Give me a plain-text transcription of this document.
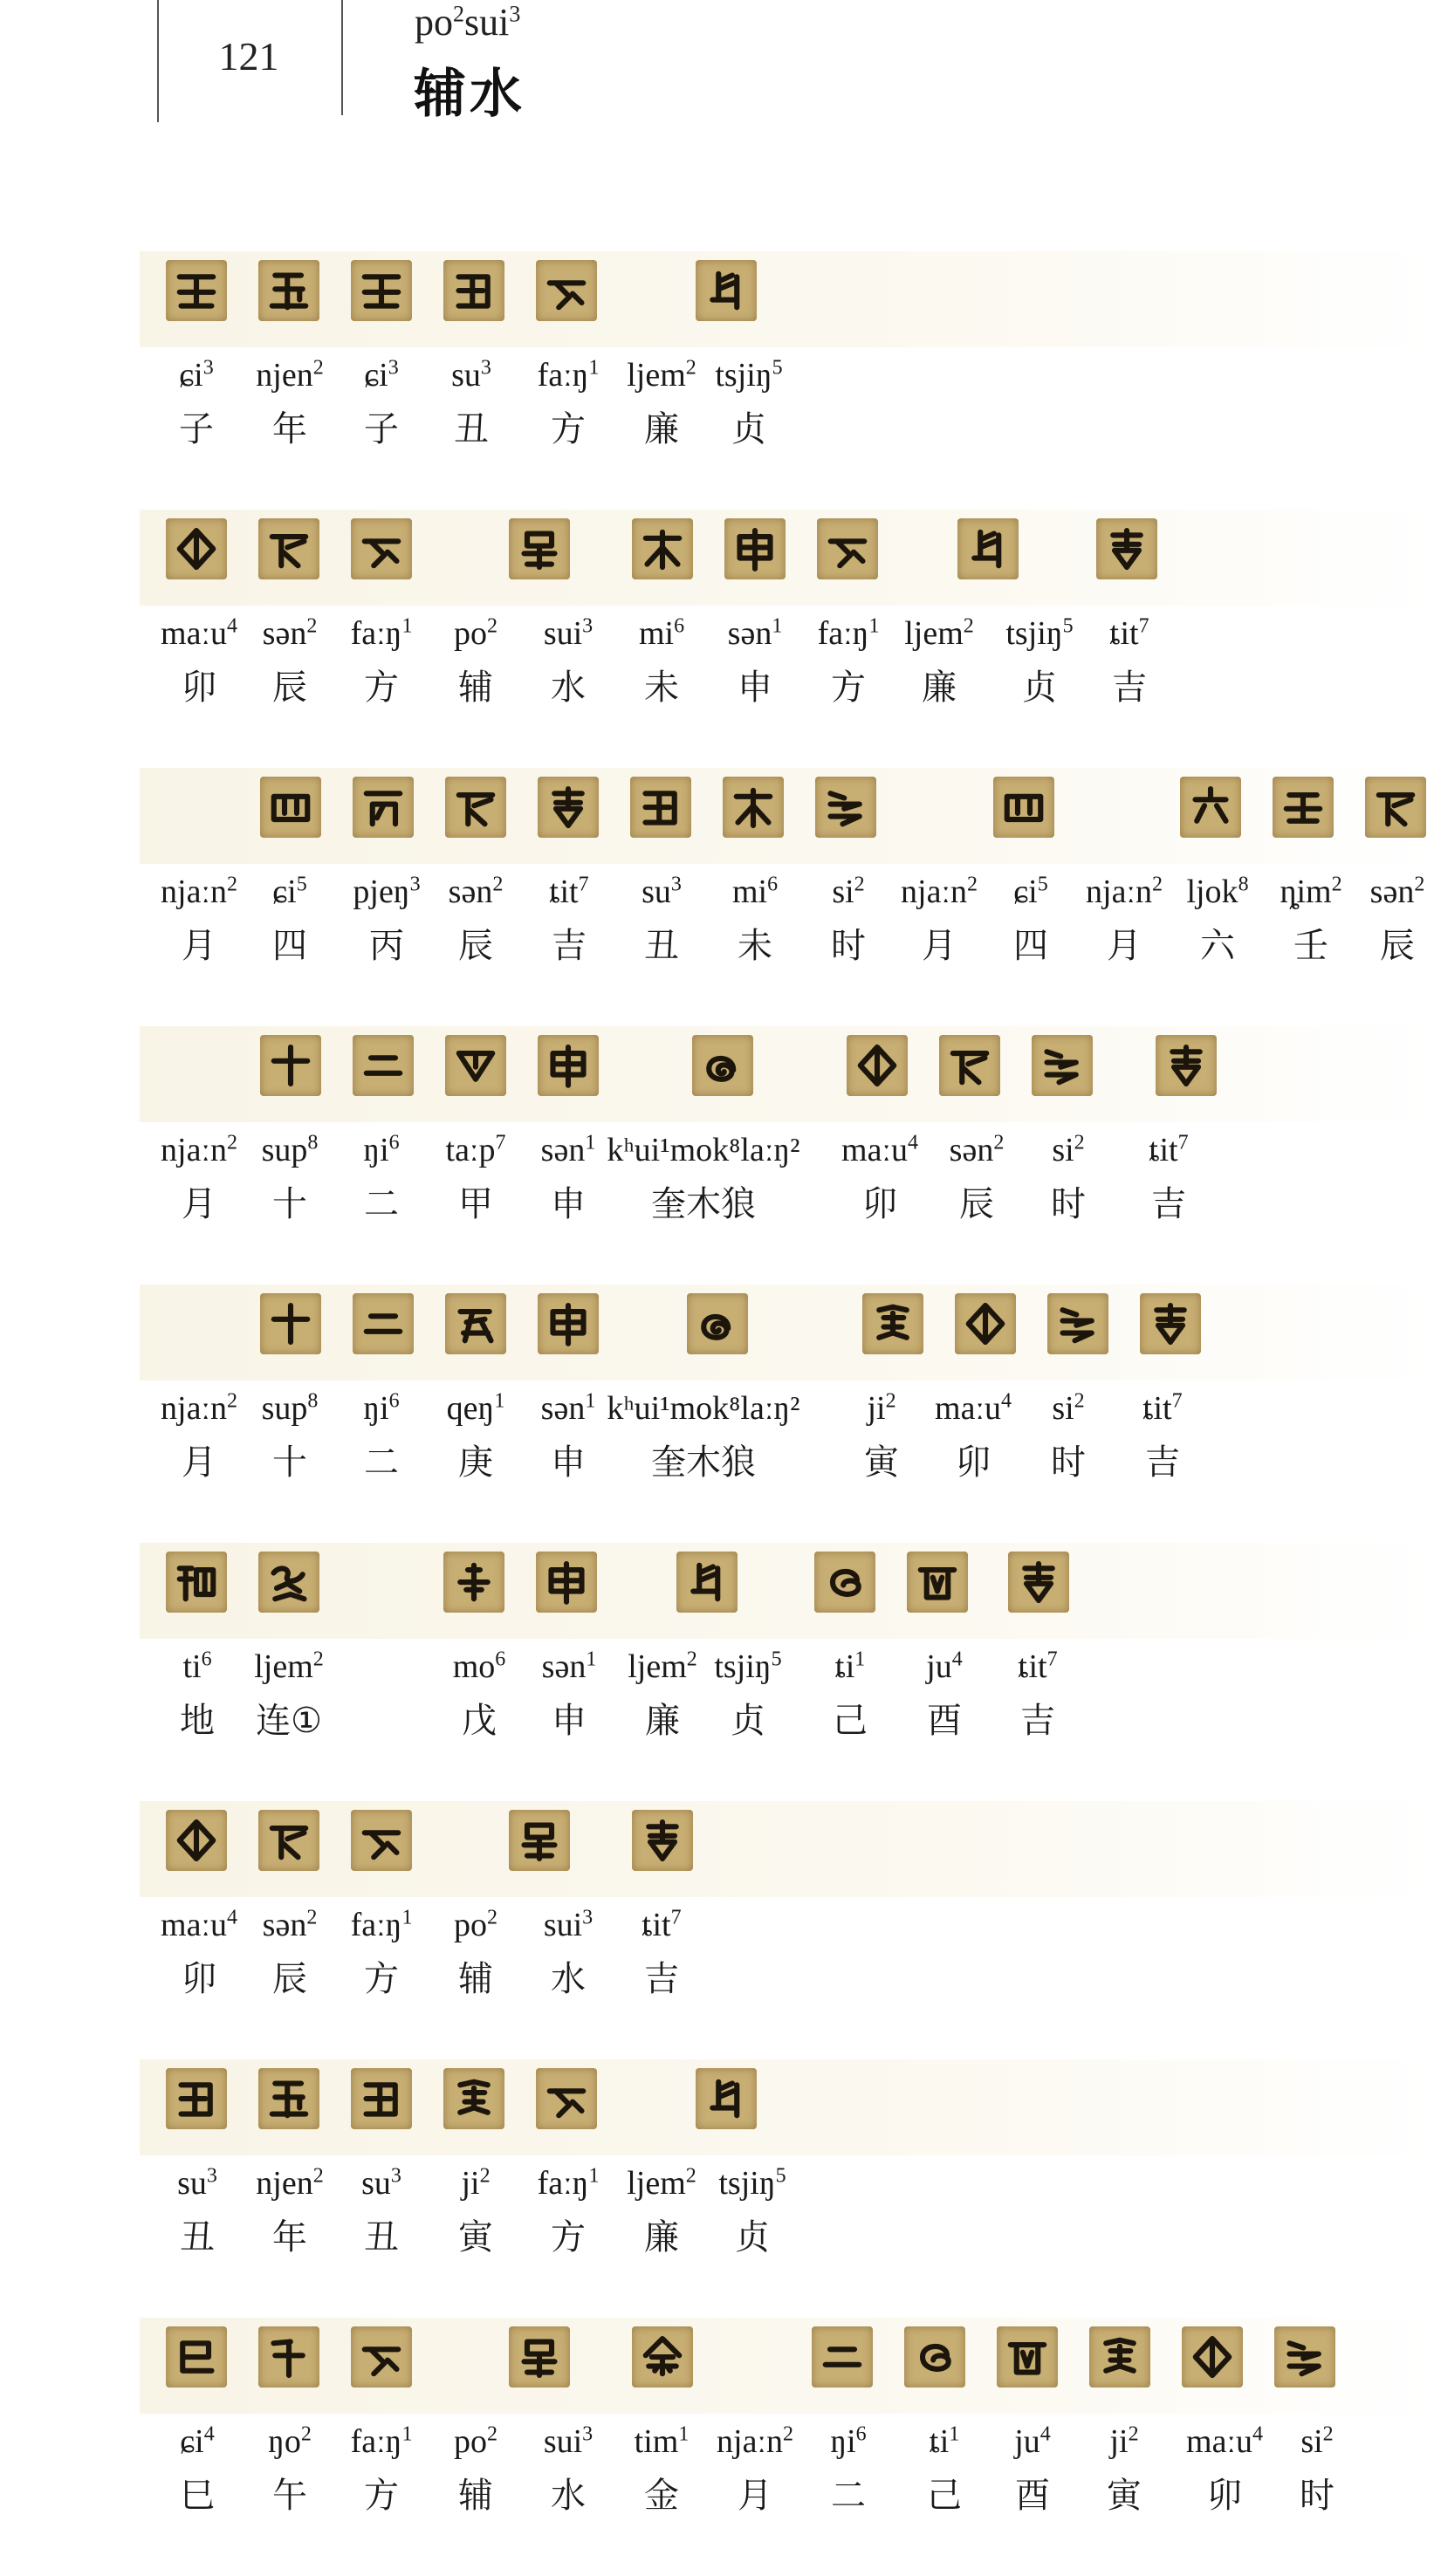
121
$po^2sui^3$
辅水
ɕi$^3$
子
njen$^2$
年
ɕi$^3$
子
$su^3$
丑
faːŋ$^1$
方
ljem$^2$
廉
tsjiŋ$^5$
贞
maːu$^4$
卯
sən$^2$
辰
faːŋ$^1$
方
$po^2$
辅
sui$^3$
水
$mi^6$
未
sən$^1$
申
faːŋ$^1$
方
ljem$^2$
廉
tsjiŋ$^5$
贞
ȶit$^7$
吉
njaːn$^2$
月
ɕi$^5$
四
pjeŋ$^3$
丙
sən$^2$
辰
ȶit$^7$
吉
$su^3$
丑
$mi^6$
未
$si^2$
时
njaːn$^2$
月
ɕi$^5$
四
njaːn$^2$
月
ljok$^8$
六
ȵim$^2$
壬
sən$^2$
辰
njaːn$^2$
月
sup$^8$
十
$ŋi^6$
二
taːp$^7$
甲
sən$^1$
申
kʰui¹mok⁸laːŋ²
奎木狼
maːu$^4$
卯
sən$^2$
辰
$si^2$
时
ȶit$^7$
吉
njaːn$^2$
月
sup$^8$
十
$ŋi^6$
二
qeŋ$^1$
庚
sən$^1$
申
kʰui¹mok⁸laːŋ²
奎木狼
$ji^2$
寅
maːu$^4$
卯
$si^2$
时
ȶit$^7$
吉
$ti^6$
地
ljem$^2$
连①
$mo^6$
戊
sən$^1$
申
ljem$^2$
廉
tsjiŋ$^5$
贞
$ȶi^1$
己
$ju^4$
酉
ȶit$^7$
吉
maːu$^4$
卯
sən$^2$
辰
faːŋ$^1$
方
$po^2$
辅
sui$^3$
水
ȶit$^7$
吉
$su^3$
丑
njen$^2$
年
$su^3$
丑
$ji^2$
寅
faːŋ$^1$
方
ljem$^2$
廉
tsjiŋ$^5$
贞
ɕi$^4$
巳
$ŋo^2$
午
faːŋ$^1$
方
$po^2$
辅
sui$^3$
水
tim$^1$
金
njaːn$^2$
月
$ŋi^6$
二
$ȶi^1$
己
$ju^4$
酉
$ji^2$
寅
maːu$^4$
卯
$si^2$
时
